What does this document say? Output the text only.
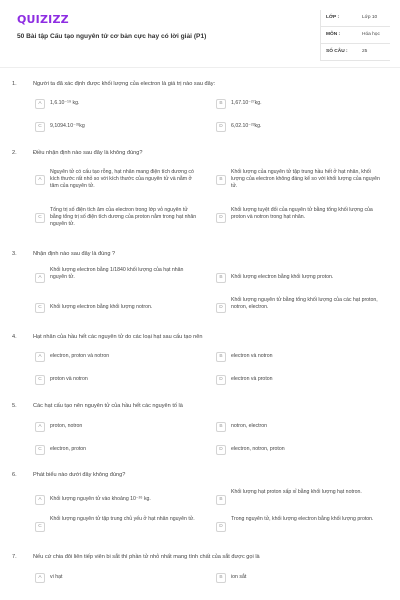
QUIZIZZ
50 Bài tập Cấu tạo nguyên tử cơ bản cực hay có lời giải (P1)
LỚP :	Lớp 10
MÔN :	Hóa học
SỐ CÂU :	25
1.	Người ta đã xác định được khối lượng của electron là giá trị nào sau đây:
A	1,6.10⁻¹⁹ kg.	B	1,67.10⁻²⁷kg.
C	9,1094.10⁻³¹kg	D	6,02.10⁻²³kg.
2.	Điều nhận định nào sau đây là không đúng?
A
Nguyên tử có cấu tạo rỗng, hạt nhân mang điện tích dương có kích thước rất nhỏ so với kích thước của nguyên tử và nằm ở tâm của nguyên tử.
B
Khối lượng của nguyên tử tập trung hầu hết ở hạt nhân, khối lượng của electron không đáng kể so với khối lượng của nguyên tử.
C
Tổng trị số điện tích âm của electron trong lớp vỏ nguyên tử bằng tổng trị số điện tích dương của proton nằm trong hạt nhân nguyên tử.
D
Khối lượng tuyệt đối của nguyên tử bằng tổng khối lượng của proton và notron trong hạt nhân.
3.	Nhận định nào sau đây là đúng ?
A
Khối lượng electron bằng 1/1840 khối lượng của hạt nhân nguyên tử.	B	Khối lượng electron bằng khối lượng proton.
C	Khối lượng electron bằng khối lượng notron.	D
Khối lượng nguyên tử bằng tổng khối lượng của các hạt proton, notron, electron.
4.	Hạt nhân của hầu hết các nguyên tử do các loại hạt sau cấu tạo nên
A	electron, proton và notron	B	electron và notron
C	proton và notron	D	electron và proton
5.	Các hạt cấu tạo nên nguyên tử của hầu hết các nguyên tố là
A	proton, notron	B	notron, electron
C	electron, proton	D	electron, notron, proton
6.	Phát biểu nào dưới đây không đúng?
A	Khối lượng nguyên tử vào khoảng 10⁻²⁶ kg.	B
Khối lượng hạt proton xấp xỉ bằng khối lượng hạt notron.
C
Khối lượng nguyên tử tập trung chủ yếu ở hạt nhân nguyên tử.
D
Trong nguyên tử, khối lượng electron bằng khối lượng proton.
7.	Nếu cứ chia đôi liên tiếp viên bi sắt thì phần tử nhỏ nhất mang tính chất của sắt được gọi là
A	vi hạt	B	ion sắt
